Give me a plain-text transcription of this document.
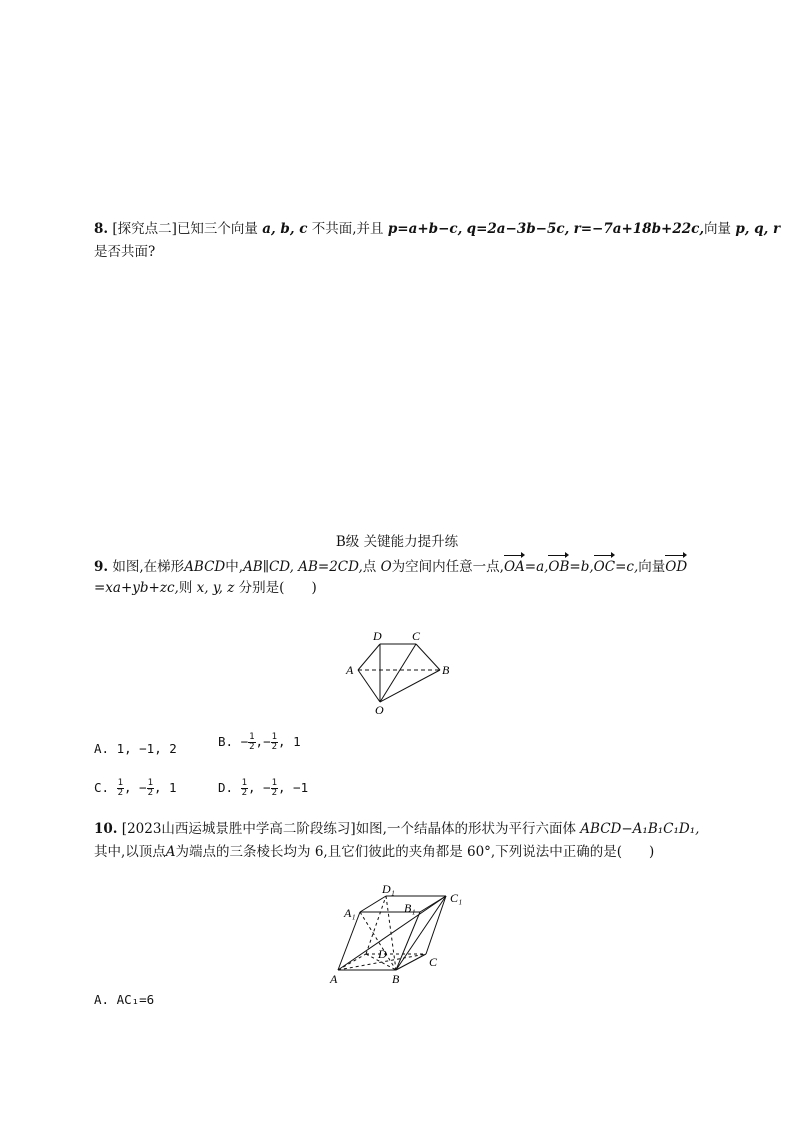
8. [探究点二]已知三个向量 a, b, c 不共面,并且 p=a+b−c, q=2a−3b−5c, r=−7a+18b+22c,向量 p, q, r
是否共面?
B级 关键能力提升练
9. 如图,在梯形ABCD中,AB∥CD, AB=2CD,点 O为空间内任意一点,OA=a,OB=b,OC=c,向量OD
=xa+yb+zc,则 x, y, z 分别是(　　)
D	C
A	B
O
A. 1, −1, 2	B. − $\frac{1}{2}$ ,− $\frac{1}{2}$ , 1
C. $\frac{1}{2}$ , − $\frac{1}{2}$ , 1	D. $\frac{1}{2}$ , − $\frac{1}{2}$ , −1
10. [2023山西运城景胜中学高二阶段练习]如图,一个结晶体的形状为平行六面体 ABCD−A₁B₁C₁D₁,
其中,以顶点A为端点的三条棱长均为 6,且它们彼此的夹角都是 60°,下列说法中正确的是(　　)
D₁
C₁
A₁	B₁
D
C
A	B
A. AC₁=6
